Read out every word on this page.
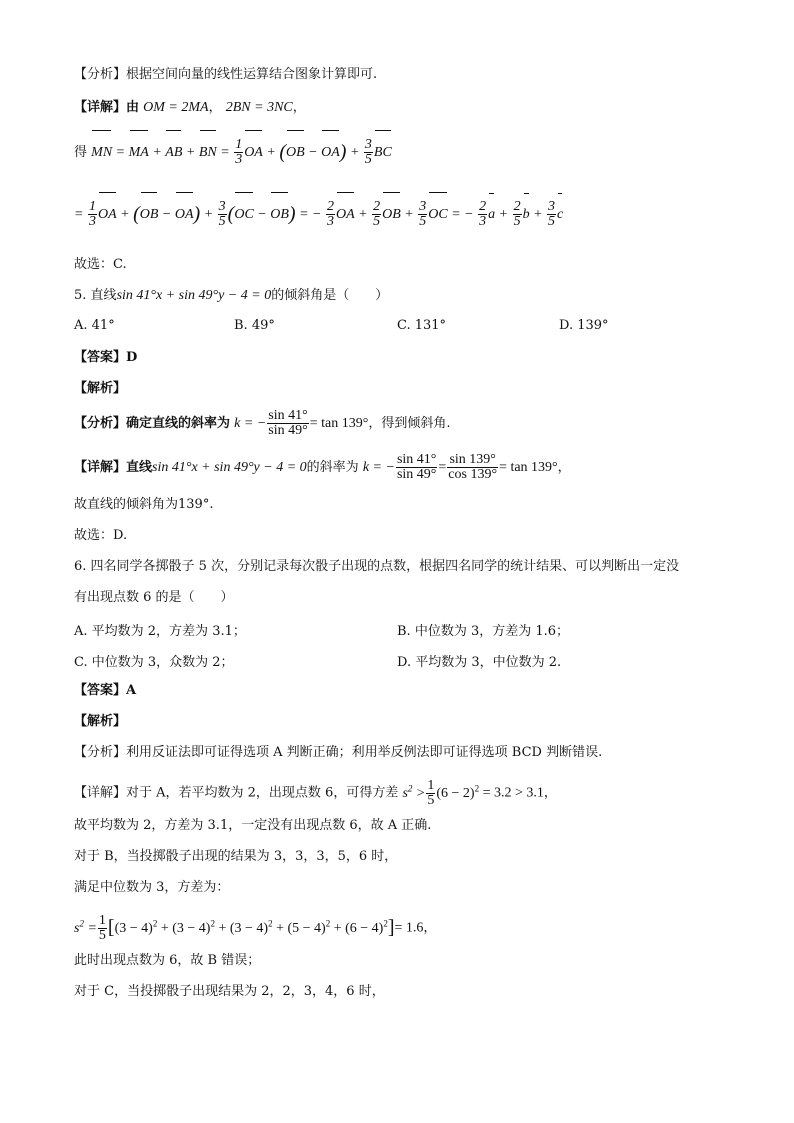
【分析】根据空间向量的线性运算结合图象计算即可.
【详解】由 OM = 2MA， 2BN = 3NC，
得 MN = MA + AB + BN = $\frac{1}{3}$ OA + $(OB - OA) + \frac{3}{5}$ BC
= $\frac{1}{3}$ OA + $(OB - OA) + \frac{3}{5} (OC - OB)$ = − $\frac{2}{3}$ OA + $\frac{2}{5}$ OB + $\frac{3}{5}$ OC = − $\frac{2}{3}$ $a + \frac{2}{5}$ $b + \frac{3}{5}$ c
故选：C.
5. 直线sin 41°x + sin 49°y − 4 = 0的倾斜角是（　　）
A. 41°	B. 49°	C. 131°	D. 139°
【答案】D
【解析】
【分析】确定直线的斜率为 k = − $\frac{\sin 41^\circ}{\sin 49^\circ} = \tan 139^\circ$，得到倾斜角.
【详解】直线sin 41°x + sin 49°y − 4 = 0的斜率为 k = − $\frac{\sin 41^\circ}{\sin 49^\circ} = \frac{\sin 139^\circ}{\cos 139^\circ} = \tan 139^\circ$，
故直线的倾斜角为139°.
故选：D.
6. 四名同学各掷骰子 5 次，分别记录每次骰子出现的点数，根据四名同学的统计结果、可以判断出一定没
有出现点数 6 的是（　　）
A. 平均数为 2，方差为 3.1；	B. 中位数为 3，方差为 1.6；
C. 中位数为 3，众数为 2；	D. 平均数为 3，中位数为 2.
【答案】A
【解析】
【分析】利用反证法即可证得选项 A 判断正确；利用举反例法即可证得选项 BCD 判断错误.
【详解】对于 A，若平均数为 2，出现点数 6，可得方差 $s^2 > \frac{1}{5} (6 - 2)^2 = 3.2 > 3.1$，
故平均数为 2，方差为 3.1，一定没有出现点数 6，故 A 正确.
对于 B，当投掷骰子出现的结果为 3，3，3，5，6 时，
满足中位数为 3，方差为：
$s^2 = \frac{1}{5} [(3 - 4)^2 + (3 - 4)^2 + (3 - 4)^2 + (5 - 4)^2 + (6 - 4)^2]= 1.6$，
此时出现点数为 6，故 B 错误；
对于 C，当投掷骰子出现结果为 2，2，3，4，6 时，
